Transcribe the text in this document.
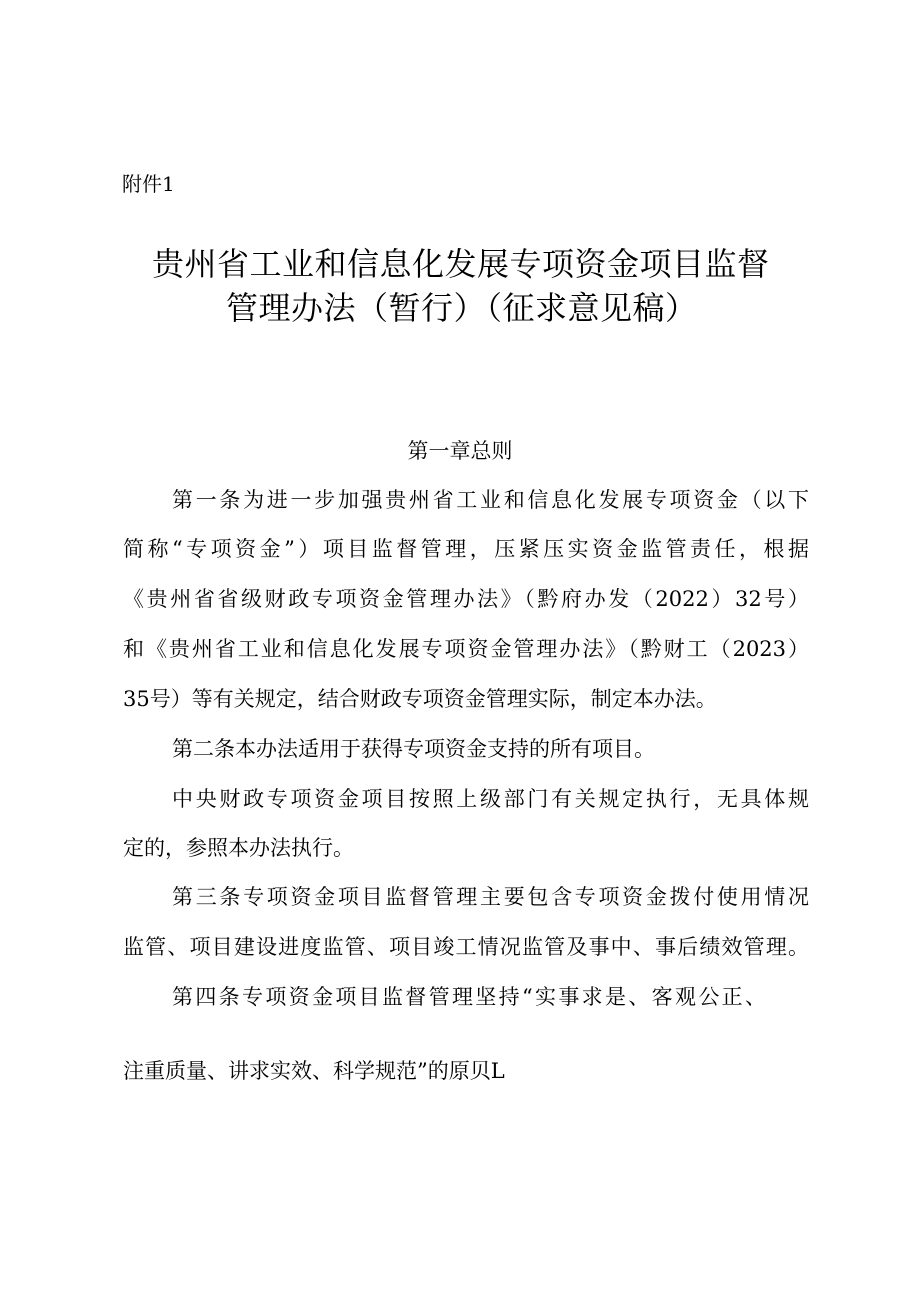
附件1
贵州省工业和信息化发展专项资金项目监督
管理办法（暂行）（征求意见稿）
第一章总则
第一条为进一步加强贵州省工业和信息化发展专项资金（以下
简称“专项资金”）项目监督管理，压紧压实资金监管责任，根据
《贵州省省级财政专项资金管理办法》（黔府办发（2022）32号）
和《贵州省工业和信息化发展专项资金管理办法》（黔财工（2023）
35号）等有关规定，结合财政专项资金管理实际，制定本办法。
第二条本办法适用于获得专项资金支持的所有项目。
中央财政专项资金项目按照上级部门有关规定执行，无具体规
定的，参照本办法执行。
第三条专项资金项目监督管理主要包含专项资金拨付使用情况
监管、项目建设进度监管、项目竣工情况监管及事中、事后绩效管理。
第四条专项资金项目监督管理坚持“实事求是、客观公正、
注重质量、讲求实效、科学规范”的原贝L
